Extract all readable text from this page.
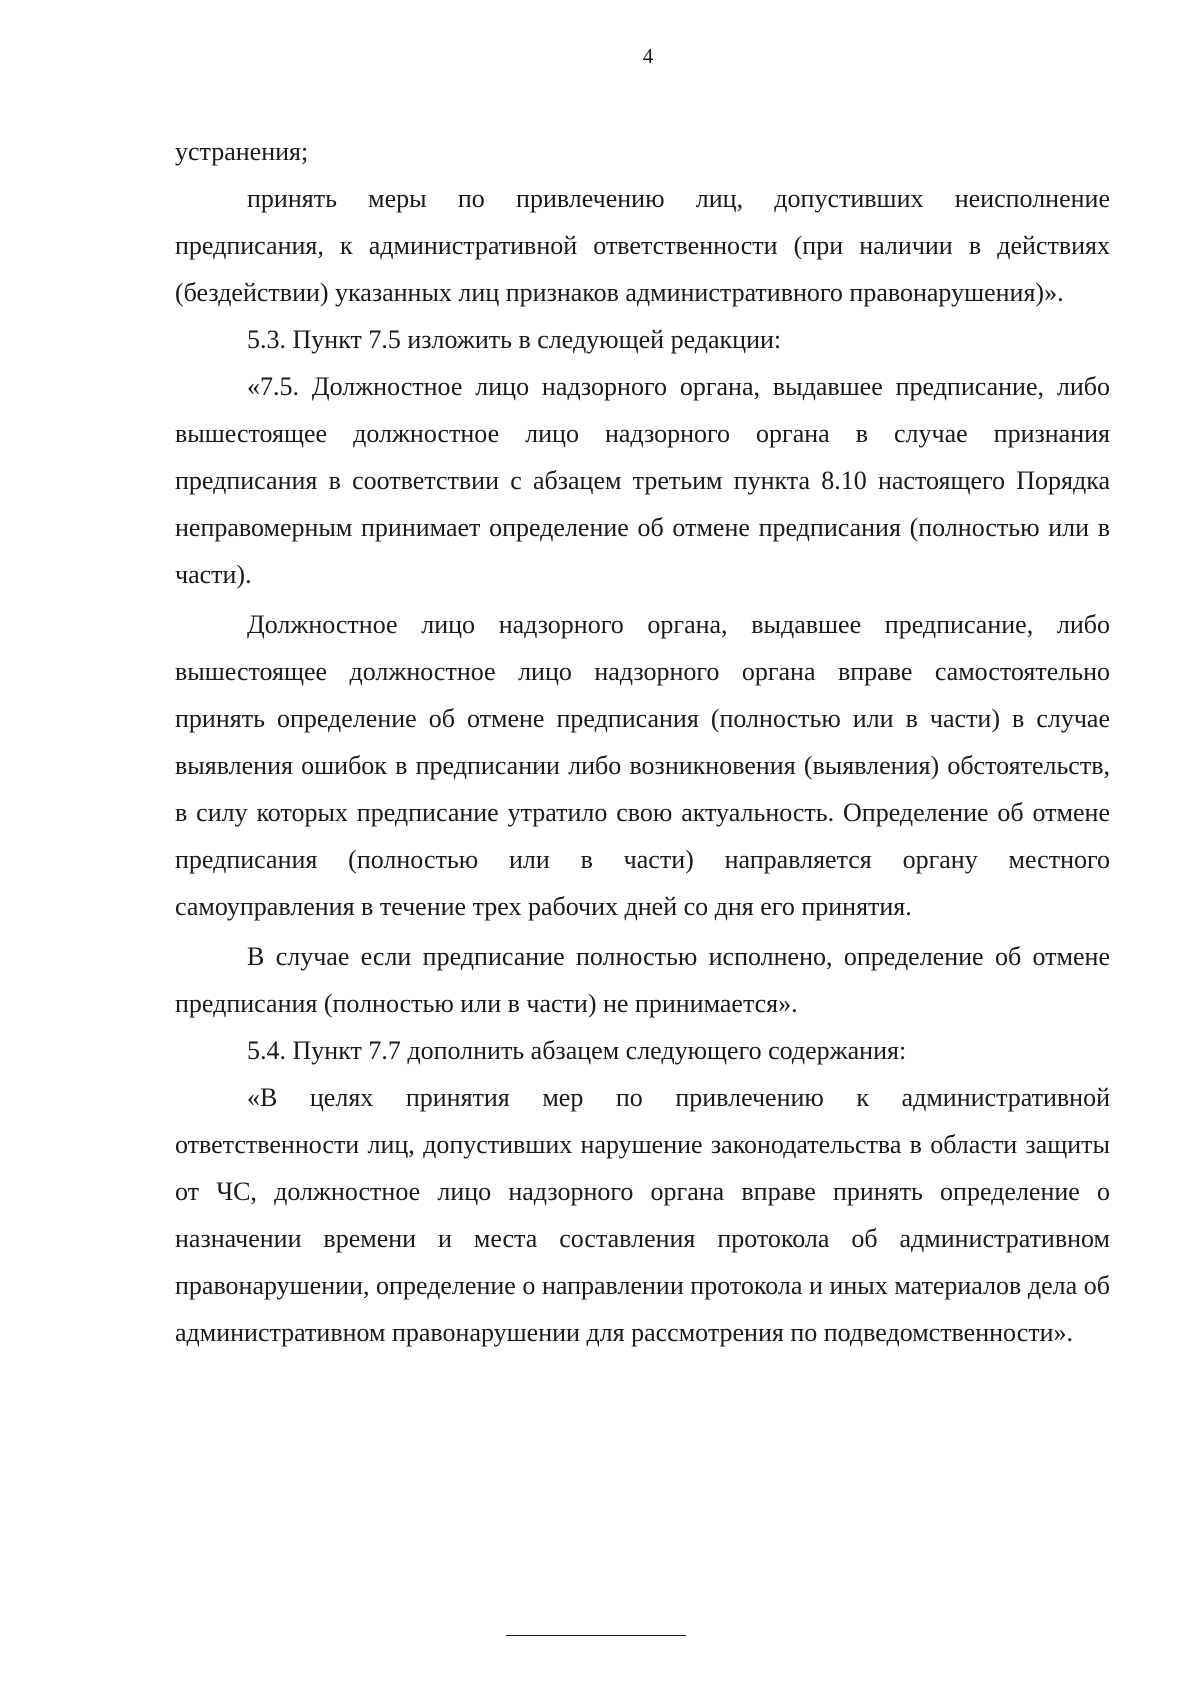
4

устранения;

принять меры по привлечению лиц, допустивших неисполнение предписания, к административной ответственности (при наличии в действиях (бездействии) указанных лиц признаков административного правонарушения)».

5.3. Пункт 7.5 изложить в следующей редакции:

«7.5. Должностное лицо надзорного органа, выдавшее предписание, либо вышестоящее должностное лицо надзорного органа в случае признания предписания в соответствии с абзацем третьим пункта 8.10 настоящего Порядка неправомерным принимает определение об отмене предписания (полностью или в части).

Должностное лицо надзорного органа, выдавшее предписание, либо вышестоящее должностное лицо надзорного органа вправе самостоятельно принять определение об отмене предписания (полностью или в части) в случае выявления ошибок в предписании либо возникновения (выявления) обстоятельств, в силу которых предписание утратило свою актуальность. Определение об отмене предписания (полностью или в части) направляется органу местного самоуправления в течение трех рабочих дней со дня его принятия.

В случае если предписание полностью исполнено, определение об отмене предписания (полностью или в части) не принимается».

5.4. Пункт 7.7 дополнить абзацем следующего содержания:

«В целях принятия мер по привлечению к административной ответственности лиц, допустивших нарушение законодательства в области защиты от ЧС, должностное лицо надзорного органа вправе принять определение о назначении времени и места составления протокола об административном правонарушении, определение о направлении протокола и иных материалов дела об административном правонарушении для рассмотрения по подведомственности».
